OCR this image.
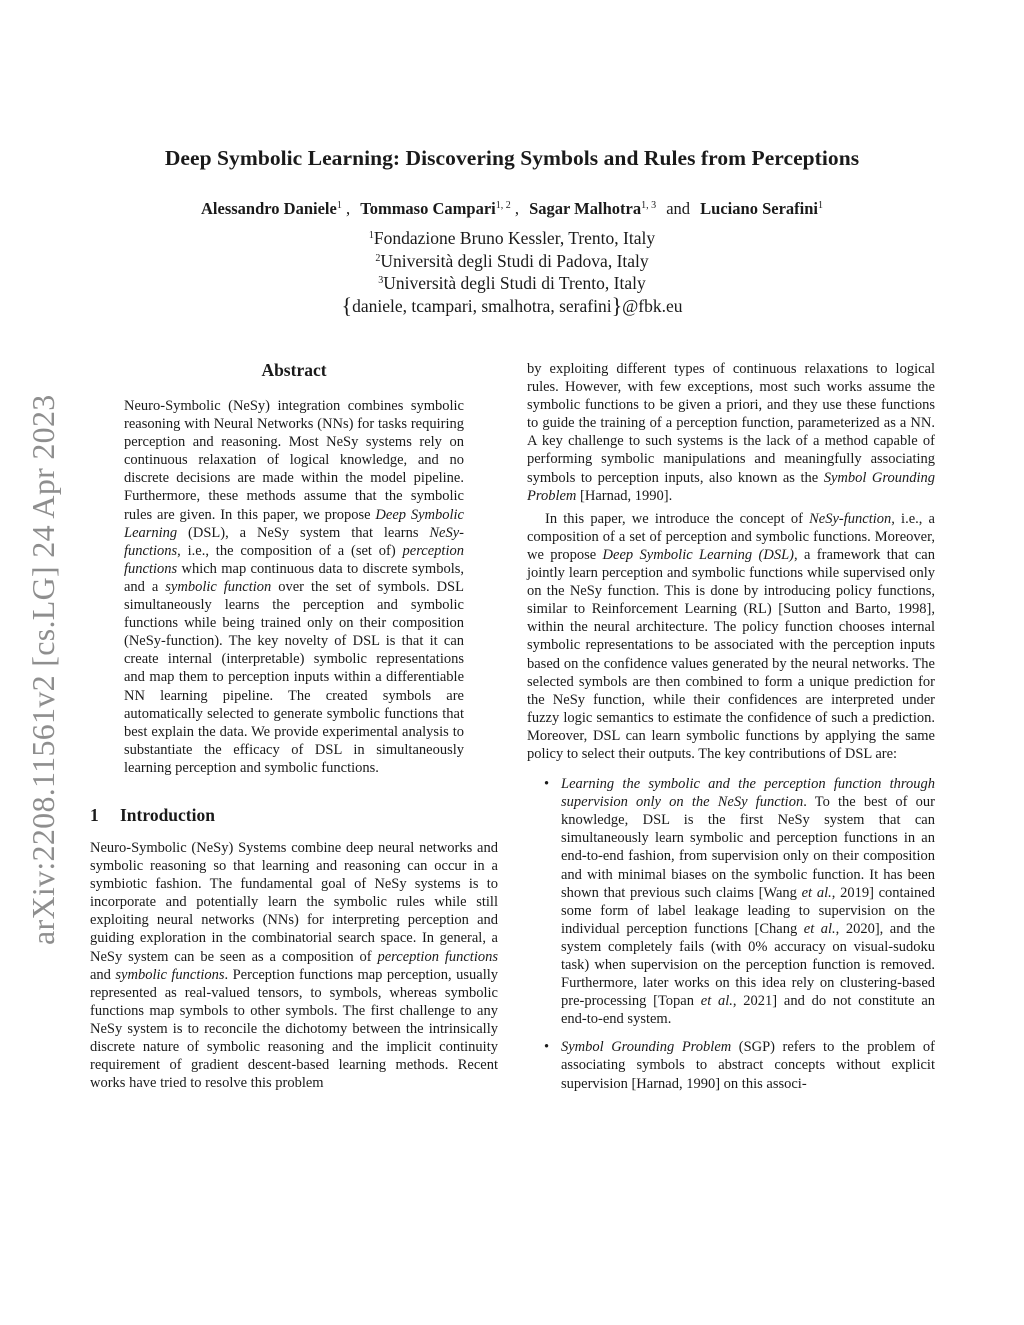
Deep Symbolic Learning: Discovering Symbols and Rules from Perceptions
Alessandro Daniele$^1$ , Tommaso Campari$^{1, 2}$ , Sagar Malhotra$^{1, 3}$ and Luciano Serafini$^1$
$^1$Fondazione Bruno Kessler, Trento, Italy
$^2$Università degli Studi di Padova, Italy
$^3$Università degli Studi di Trento, Italy
{daniele, tcampari, smalhotra, serafini}@fbk.eu
arXiv:2208.11561v2 [cs.LG] 24 Apr 2023
Abstract

Neuro-Symbolic (NeSy) integration combines symbolic reasoning with Neural Networks (NNs) for tasks requiring perception and reasoning. Most NeSy systems rely on continuous relaxation of logical knowledge, and no discrete decisions are made within the model pipeline. Furthermore, these methods assume that the symbolic rules are given. In this paper, we propose Deep Symbolic Learning (DSL), a NeSy system that learns NeSy-functions, i.e., the composition of a (set of) perception functions which map continuous data to discrete symbols, and a symbolic function over the set of symbols. DSL simultaneously learns the perception and symbolic functions while being trained only on their composition (NeSy-function). The key novelty of DSL is that it can create internal (interpretable) symbolic representations and map them to perception inputs within a differentiable NN learning pipeline. The created symbols are automatically selected to generate symbolic functions that best explain the data. We provide experimental analysis to substantiate the efficacy of DSL in simultaneously learning perception and symbolic functions.

1 Introduction

Neuro-Symbolic (NeSy) Systems combine deep neural networks and symbolic reasoning so that learning and reasoning can occur in a symbiotic fashion. The fundamental goal of NeSy systems is to incorporate and potentially learn the symbolic rules while still exploiting neural networks (NNs) for interpreting perception and guiding exploration in the combinatorial search space. In general, a NeSy system can be seen as a composition of perception functions and symbolic functions. Perception functions map perception, usually represented as real-valued tensors, to symbols, whereas symbolic functions map symbols to other symbols. The first challenge to any NeSy system is to reconcile the dichotomy between the intrinsically discrete nature of symbolic reasoning and the implicit continuity requirement of gradient descent-based learning methods. Recent works have tried to resolve this problem

by exploiting different types of continuous relaxations to logical rules. However, with few exceptions, most such works assume the symbolic functions to be given a priori, and they use these functions to guide the training of a perception function, parameterized as a NN. A key challenge to such systems is the lack of a method capable of performing symbolic manipulations and meaningfully associating symbols to perception inputs, also known as the Symbol Grounding Problem [Harnad, 1990].

In this paper, we introduce the concept of NeSy-function, i.e., a composition of a set of perception and symbolic functions. Moreover, we propose Deep Symbolic Learning (DSL), a framework that can jointly learn perception and symbolic functions while supervised only on the NeSy function. This is done by introducing policy functions, similar to Reinforcement Learning (RL) [Sutton and Barto, 1998], within the neural architecture. The policy function chooses internal symbolic representations to be associated with the perception inputs based on the confidence values generated by the neural networks. The selected symbols are then combined to form a unique prediction for the NeSy function, while their confidences are interpreted under fuzzy logic semantics to estimate the confidence of such a prediction. Moreover, DSL can learn symbolic functions by applying the same policy to select their outputs. The key contributions of DSL are:

• Learning the symbolic and the perception function through supervision only on the NeSy function. To the best of our knowledge, DSL is the first NeSy system that can simultaneously learn symbolic and perception functions in an end-to-end fashion, from supervision only on their composition and with minimal biases on the symbolic function. It has been shown that previous such claims [Wang et al., 2019] contained some form of label leakage leading to supervision on the individual perception functions [Chang et al., 2020], and the system completely fails (with 0% accuracy on visual-sudoku task) when supervision on the perception function is removed. Furthermore, later works on this idea rely on clustering-based pre-processing [Topan et al., 2021] and do not constitute an end-to-end system.
• Symbol Grounding Problem (SGP) refers to the problem of associating symbols to abstract concepts without explicit supervision [Harnad, 1990] on this associ-
